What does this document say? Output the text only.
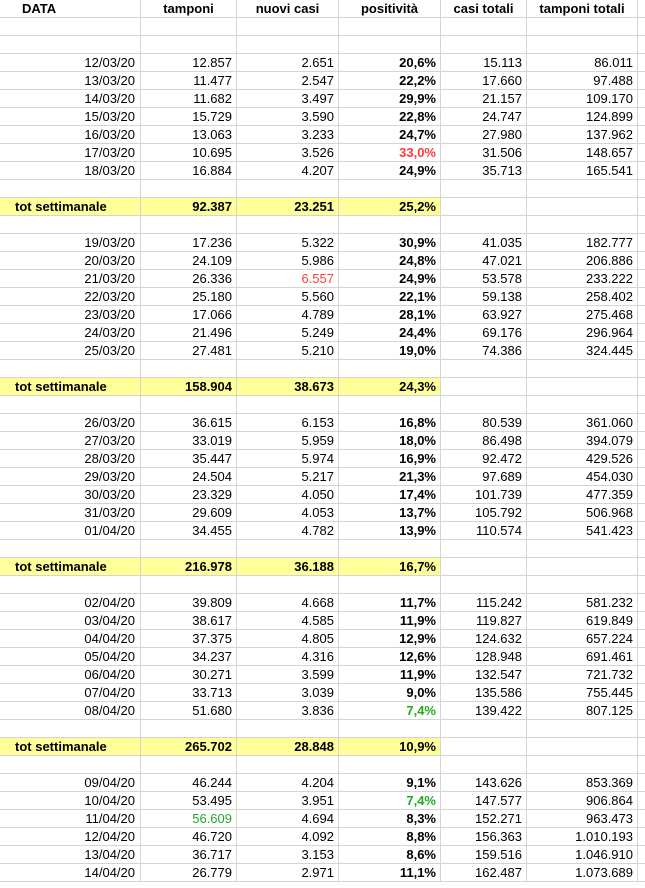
DATA	tamponi	nuovi casi	positività	casi totali	tamponi totali
12/03/20	12.857	2.651	20,6%	15.113	86.011
13/03/20	11.477	2.547	22,2%	17.660	97.488
14/03/20	11.682	3.497	29,9%	21.157	109.170
15/03/20	15.729	3.590	22,8%	24.747	124.899
16/03/20	13.063	3.233	24,7%	27.980	137.962
17/03/20	10.695	3.526	33,0%	31.506	148.657
18/03/20	16.884	4.207	24,9%	35.713	165.541
tot settimanale	92.387	23.251	25,2%
19/03/20	17.236	5.322	30,9%	41.035	182.777
20/03/20	24.109	5.986	24,8%	47.021	206.886
21/03/20	26.336	6.557	24,9%	53.578	233.222
22/03/20	25.180	5.560	22,1%	59.138	258.402
23/03/20	17.066	4.789	28,1%	63.927	275.468
24/03/20	21.496	5.249	24,4%	69.176	296.964
25/03/20	27.481	5.210	19,0%	74.386	324.445
tot settimanale	158.904	38.673	24,3%
26/03/20	36.615	6.153	16,8%	80.539	361.060
27/03/20	33.019	5.959	18,0%	86.498	394.079
28/03/20	35.447	5.974	16,9%	92.472	429.526
29/03/20	24.504	5.217	21,3%	97.689	454.030
30/03/20	23.329	4.050	17,4%	101.739	477.359
31/03/20	29.609	4.053	13,7%	105.792	506.968
01/04/20	34.455	4.782	13,9%	110.574	541.423
tot settimanale	216.978	36.188	16,7%
02/04/20	39.809	4.668	11,7%	115.242	581.232
03/04/20	38.617	4.585	11,9%	119.827	619.849
04/04/20	37.375	4.805	12,9%	124.632	657.224
05/04/20	34.237	4.316	12,6%	128.948	691.461
06/04/20	30.271	3.599	11,9%	132.547	721.732
07/04/20	33.713	3.039	9,0%	135.586	755.445
08/04/20	51.680	3.836	7,4%	139.422	807.125
tot settimanale	265.702	28.848	10,9%
09/04/20	46.244	4.204	9,1%	143.626	853.369
10/04/20	53.495	3.951	7,4%	147.577	906.864
11/04/20	56.609	4.694	8,3%	152.271	963.473
12/04/20	46.720	4.092	8,8%	156.363	1.010.193
13/04/20	36.717	3.153	8,6%	159.516	1.046.910
14/04/20	26.779	2.971	11,1%	162.487	1.073.689
